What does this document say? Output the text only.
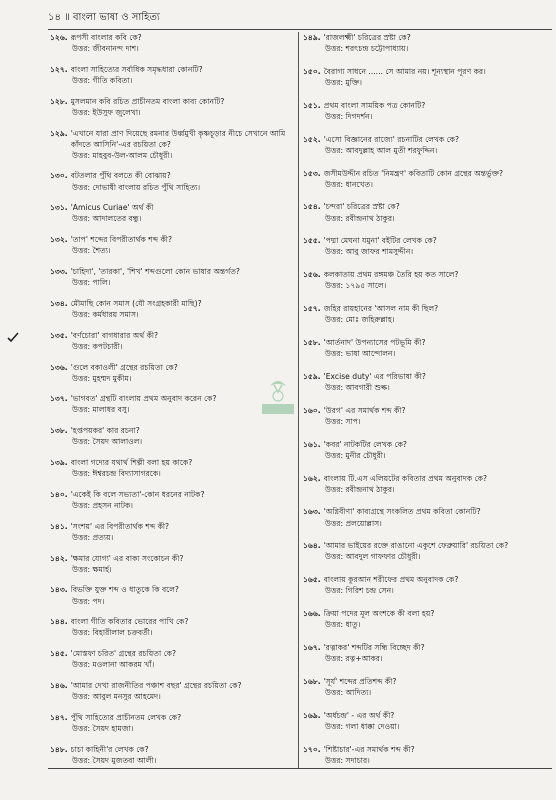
১৪ ॥ বাংলা ভাষা ও সাহিত্য
১২৬. রূপসী বাংলার কবি কে?
উত্তর: জীবনানন্দ দাশ।
১২৭. বাংলা সাহিত্যের সর্বাধিক সমৃদ্ধধারা কোনটি?
উত্তর: গীতি কবিতা।
১২৮. মুসলমান কবি রচিত প্রাচীনতম বাংলা কাব্য কোনটি?
উত্তর: ইউসুফ জুলেখা।
১২৯. 'এখানে যারা প্রাণ দিয়েছে রমনার উর্ধ্বমুখী কৃষ্ণচূড়ার নীচে সেখানে আমি কাঁদতে আসিনি'-এর রচয়িতা কে?
উত্তর: মাহবুব-উল-আলম চৌধুরী।
১৩০. বটতলার পুঁথি বলতে কী বোঝায়?
উত্তর: দোভাষী বাংলায় রচিত পুঁথি সাহিত্য।
১৩১. 'Amicus Curiae' অর্থ কী
উত্তর: আদালতের বন্ধু।
১৩২. 'তাপ' শব্দের বিপরীতার্থক শব্দ কী?
উত্তর: শৈত্য।
১৩৩. 'চাহিদা', 'তারকা', 'শিখ' শব্দগুলো কোন ভাষার অন্তর্গত?
উত্তর: পালি।
১৩৪. মৌমাছি কোন সমাস (যৌ সংগ্রহকারী মাছি)?
উত্তর: কর্মধারয় সমাস।
১৩৫. 'বর্ণচোরা' বাগধারার অর্থ কী?
উত্তর: কপটচারী।
১৩৬. 'গুলে বকাওলী' গ্রন্থের রচয়িতা কে?
উত্তর: মুহম্মদ মুকীম।
১৩৭. 'ভাগবত' গ্রন্থটি বাংলায় প্রথম অনুবাদ করেন কে?
উত্তর: মালাধর বসু।
১৩৮. 'হপ্তপয়কর' কার রচনা?
উত্তর: সৈয়দ আলাওল।
১৩৯. বাংলা গদ্যের যথার্থ শিল্পী বলা হয় কাকে?
উত্তর: ঈশ্বরচন্দ্র বিদ্যাসাগরকে।
১৪০. 'একেই কি বলে সভ্যতা'-কোন ধরনের নাটক?
উত্তর: প্রহসন নাটক।
১৪১. 'সংশয়' এর বিপরীতার্থক শব্দ কী?
উত্তর: প্রত্যয়।
১৪২. 'ক্ষমার যোগ্য' এর বাক্য সংকোচন কী?
উত্তর: ক্ষমার্হ।
১৪৩. বিভক্তি যুক্ত শব্দ ও ধাতুকে কি বলে?
উত্তর: পদ।
১৪৪. বাংলা গীতি কবিতার ভোরের পাখি কে?
উত্তর: বিহারীলাল চক্রবর্তী।
১৪৫. 'মোস্তফা চরিত' গ্রন্থের রচয়িতা কে?
উত্তর: মওলানা আকরম খাঁ।
১৪৬. 'আমার দেখা রাজনীতির পঞ্চাশ বছর' গ্রন্থের রচয়িতা কে?
উত্তর: আবুল মনসুর আহমেদ।
১৪৭. পুঁথি সাহিত্যের প্রাচীনতম লেখক কে?
উত্তর: সৈয়দ হামজা।
১৪৮. চাচা কাহিনী'র লেখক কে?
উত্তর: সৈয়দ মুজতবা আলী।
১৪৯. 'রাজলক্ষ্মী' চরিত্রের স্রষ্টা কে?
উত্তর: শরৎচন্দ্র চট্টোপাধ্যায়।
১৫০. বৈরাগ্য সাধনে ...... সে আমার নয়। শূন্যস্থান পূরণ কর।
উত্তর: মুক্তি।
১৫১. প্রথম বাংলা সাময়িক পত্র কোনটি?
উত্তর: দিগদর্শন।
১৫২. 'এসো বিজ্ঞানের রাজ্যে' রচনাটির লেখক কে?
উত্তর: আবদুল্লাহ আল মুতী শরফুদ্দিন।
১৫৩. জসীমউদ্দীন রচিত 'নিমন্ত্রণ' কবিতাটি কোন গ্রন্থের অন্তর্ভুক্ত?
উত্তর: ধানখেত।
১৫৪. 'চন্দরা' চরিত্রের স্রষ্টা কে?
উত্তর: রবীন্দ্রনাথ ঠাকুর।
১৫৫. 'পদ্মা মেঘনা যমুনা' বইটির লেখক কে?
উত্তর: আবু জাফর শামসুদ্দীন।
১৫৬. কলকাতায় প্রথম রঙ্গমঞ্চ তৈরি হয় কত সালে?
উত্তর: ১৭৯৫ সালে।
১৫৭. জহির রায়হানের 'আসল নাম কী ছিল?
উত্তর: মোঃ জহিরুল্লাহ।
১৫৮. 'আর্তনাদ' উপন্যাসের পটভূমি কী?
উত্তর: ভাষা আন্দোলন।
১৫৯. 'Excise duty' এর পরিভাষা কী?
উত্তর: আবগারী শুল্ক।
১৬০. 'উরগ' এর সমার্থক শব্দ কী?
উত্তর: সাপ।
১৬১. 'কবর' নাটকটির লেখক কে?
উত্তর: মুনীর চৌধুরী।
১৬২. বাংলায় টি.এস এলিয়টের কবিতার প্রথম অনুবাদক কে?
উত্তর: রবীন্দ্রনাথ ঠাকুর।
১৬৩. 'অগ্নিবীণা' কাব্যগ্রন্থে সংকলিত প্রথম কবিতা কোনটি?
উত্তর: প্রলয়োল্লাস।
১৬৪. 'আমার ভাইয়ের রক্তে রাঙানো একুশে ফেব্রুয়ারি' রচয়িতা কে?
উত্তর: আবদুল গাফফার চৌধুরী।
১৬৫. বাংলায় কুরআন শরীফের প্রথম অনুবাদক কে?
উত্তর: গিরিশ চন্দ্র সেন।
১৬৬. ক্রিয়া পদের মূল অংশকে কী বলা হয়?
উত্তর: ধাতু।
১৬৭. 'রত্নাকর' শব্দটির সন্ধি বিচ্ছেদ কী?
উত্তর: রত্ন+আকর।
১৬৮. 'সূর্য' শব্দের প্রতিশব্দ কী?
উত্তর: আদিত্য।
১৬৯. 'অর্ধচন্দ্র' - এর অর্থ কী?
উত্তর: গলা ধাক্কা দেওয়া।
১৭০. 'শিষ্টাচার'-এর সমার্থক শব্দ কী?
উত্তর: সদাচার।
